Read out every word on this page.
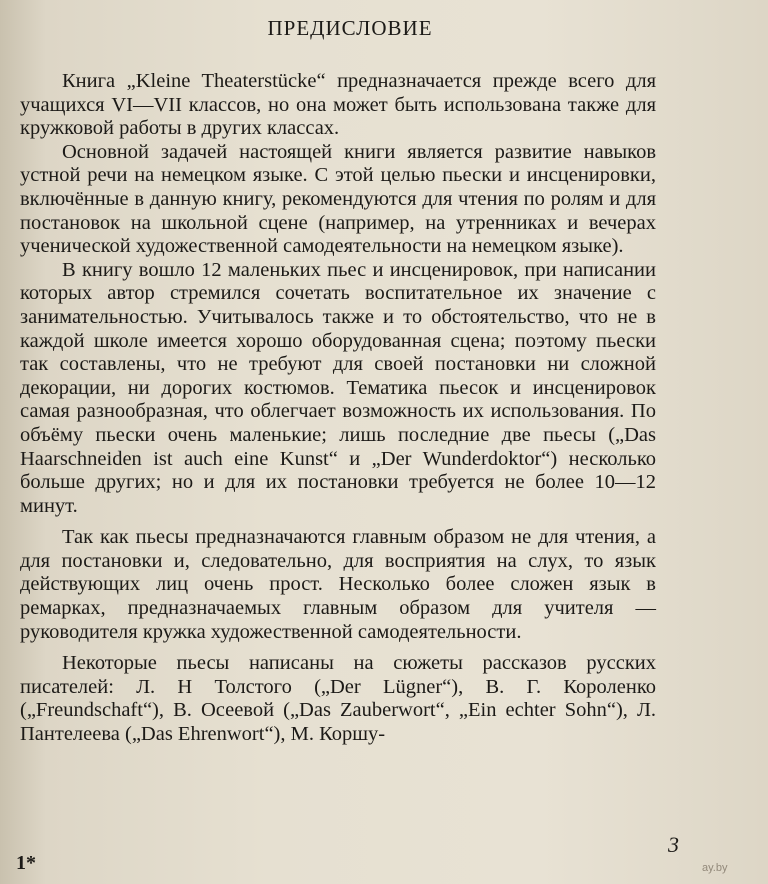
ПРЕДИСЛОВИЕ

Книга „Kleine Theaterstücke“ предназначается прежде всего для учащихся VI—VII классов, но она может быть использована также для кружковой работы в других классах.

Основной задачей настоящей книги является развитие навыков устной речи на немецком языке. С этой целью пьески и инсценировки, включённые в данную книгу, рекомендуются для чтения по ролям и для постановок на школьной сцене (например, на утренниках и вечерах ученической художественной самодеятельности на немецком языке).

В книгу вошло 12 маленьких пьес и инсценировок, при написании которых автор стремился сочетать воспитательное их значение с занимательностью. Учитывалось также и то обстоятельство, что не в каждой школе имеется хорошо оборудованная сцена; поэтому пьески так составлены, что не требуют для своей постановки ни сложной декорации, ни дорогих костюмов. Тематика пьесок и инсценировок самая разнообразная, что облегчает возможность их использования. По объёму пьески очень маленькие; лишь последние две пьесы („Das Haarschneiden ist auch eine Kunst“ и „Der Wunderdoktor“) несколько больше других; но и для их постановки требуется не более 10—12 минут.

Так как пьесы предназначаются главным образом не для чтения, а для постановки и, следовательно, для восприятия на слух, то язык действующих лиц очень прост. Несколько более сложен язык в ремарках, предназначаемых главным образом для учителя — руководителя кружка художественной самодеятельности.

Некоторые пьесы написаны на сюжеты рассказов русских писателей: Л. Н Толстого („Der Lügner“), В. Г. Короленко („Freundschaft“), В. Осеевой („Das Zauberwort“, „Ein echter Sohn“), Л. Пантелеева („Das Ehrenwort“), М. Коршу-

3
1*	ay.by
